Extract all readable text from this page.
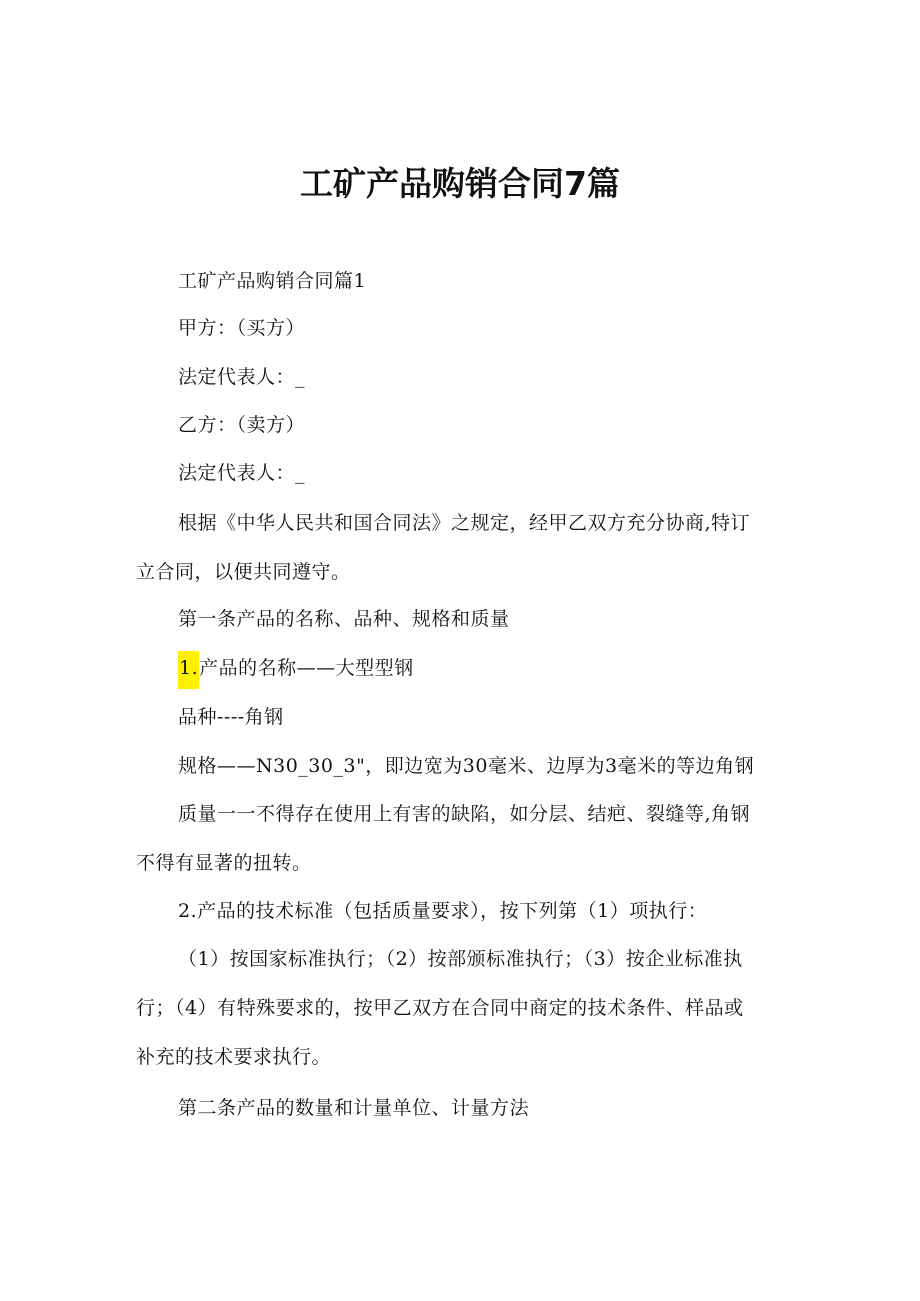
工矿产品购销合同7篇

工矿产品购销合同篇1

甲方：（买方）

法定代表人：_

乙方：（卖方）

法定代表人：_

根据《中华人民共和国合同法》之规定，经甲乙双方充分协商,特订

立合同，以便共同遵守。

第一条产品的名称、品种、规格和质量

1.产品的名称——大型型钢

品种----角钢

规格——N30_30_3"，即边宽为30毫米、边厚为3毫米的等边角钢

质量一一不得存在使用上有害的缺陷，如分层、结疤、裂缝等,角钢

不得有显著的扭转。

2.产品的技术标准（包括质量要求），按下列第（1）项执行：

（1）按国家标准执行；（2）按部颁标准执行；（3）按企业标准执

行；（4）有特殊要求的，按甲乙双方在合同中商定的技术条件、样品或

补充的技术要求执行。

第二条产品的数量和计量单位、计量方法
